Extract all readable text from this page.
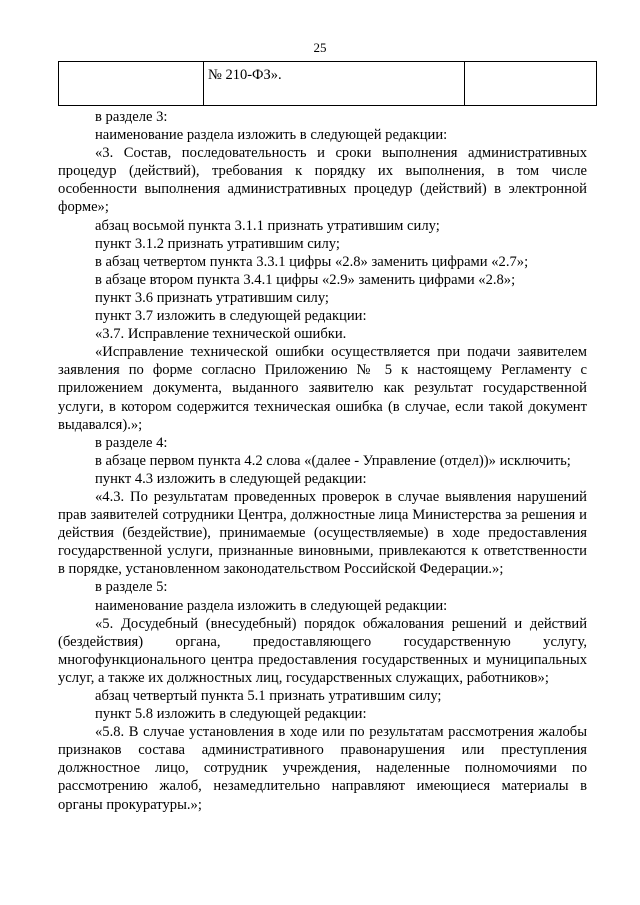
25
	№ 210-ФЗ».	

в разделе 3:

наименование раздела изложить в следующей редакции:

«3. Состав, последовательность и сроки выполнения административных процедур (действий), требования к порядку их выполнения, в том числе особенности выполнения административных процедур (действий) в электронной форме»;

абзац восьмой пункта 3.1.1 признать утратившим силу;

пункт 3.1.2 признать утратившим силу;

в абзац четвертом пункта 3.3.1 цифры «2.8» заменить цифрами «2.7»;

в абзаце втором пункта 3.4.1 цифры «2.9» заменить цифрами «2.8»;

пункт 3.6 признать утратившим силу;

пункт 3.7 изложить в следующей редакции:

«3.7. Исправление технической ошибки.

«Исправление технической ошибки осуществляется при подачи заявителем заявления по форме согласно Приложению № 5 к настоящему Регламенту с приложением документа, выданного заявителю как результат государственной услуги, в котором содержится техническая ошибка (в случае, если такой документ выдавался).»;

в разделе 4:

в абзаце первом пункта 4.2 слова «(далее - Управление (отдел))» исключить;

пункт 4.3 изложить в следующей редакции:

«4.3. По результатам проведенных проверок в случае выявления нарушений прав заявителей сотрудники Центра, должностные лица Министерства за решения и действия (бездействие), принимаемые (осуществляемые) в ходе предоставления государственной услуги, признанные виновными, привлекаются к ответственности в порядке, установленном законодательством Российской Федерации.»;

в разделе 5:

наименование раздела изложить в следующей редакции:

«5. Досудебный (внесудебный) порядок обжалования решений и действий (бездействия) органа, предоставляющего государственную услугу, многофункционального центра предоставления государственных и муниципальных услуг, а также их должностных лиц, государственных служащих, работников»;

абзац четвертый пункта 5.1 признать утратившим силу;

пункт 5.8 изложить в следующей редакции:

«5.8. В случае установления в ходе или по результатам рассмотрения жалобы признаков состава административного правонарушения или преступления должностное лицо, сотрудник учреждения, наделенные полномочиями по рассмотрению жалоб, незамедлительно направляют имеющиеся материалы в органы прокуратуры.»;
